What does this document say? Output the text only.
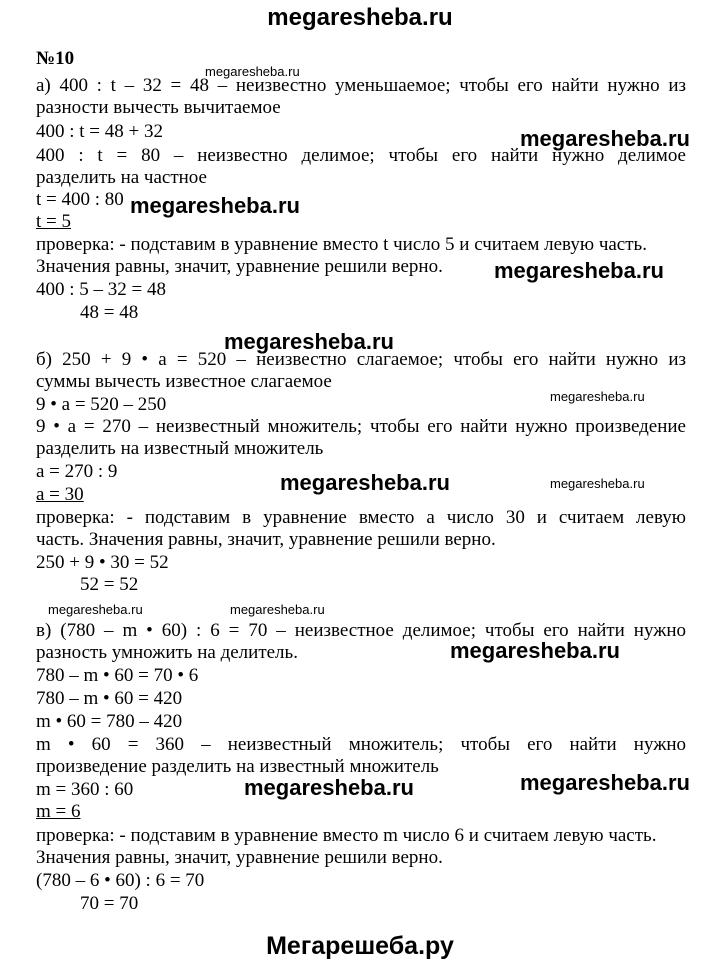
megaresheba.ru
№10
а) 400 : t – 32 = 48 – неизвестно уменьшаемое; чтобы его найти нужно из
разности вычесть вычитаемое
400 : t = 48 + 32
400 : t = 80 – неизвестно делимое; чтобы его найти нужно делимое
разделить на частное
t = 400 : 80
t = 5
проверка: - подставим в уравнение вместо t число 5 и считаем левую часть.
Значения равны, значит, уравнение решили верно.
400 : 5 – 32 = 48
48 = 48
б) 250 + 9 • a = 520 – неизвестно слагаемое; чтобы его найти нужно из
суммы вычесть известное слагаемое
9 • a = 520 – 250
9 • a = 270 – неизвестный множитель; чтобы его найти нужно произведение
разделить на известный множитель
a = 270 : 9
a = 30
проверка: - подставим в уравнение вместо a число 30 и считаем левую
часть. Значения равны, значит, уравнение решили верно.
250 + 9 • 30 = 52
52 = 52
в) (780 – m • 60) : 6 = 70 – неизвестное делимое; чтобы его найти нужно
разность умножить на делитель.
780 – m • 60 = 70 • 6
780 – m • 60 = 420
m • 60 = 780 – 420
m • 60 = 360 – неизвестный множитель; чтобы его найти нужно
произведение разделить на известный множитель
m = 360 : 60
m = 6
проверка: - подставим в уравнение вместо m число 6 и считаем левую часть.
Значения равны, значит, уравнение решили верно.
(780 – 6 • 60) : 6 = 70
70 = 70
megaresheba.ru
megaresheba.ru
megaresheba.ru
megaresheba.ru
megaresheba.ru
megaresheba.ru
megaresheba.ru	megaresheba.ru
megaresheba.ru	megaresheba.ru
megaresheba.ru
megaresheba.ru	megaresheba.ru
Мегарешеба.ру
